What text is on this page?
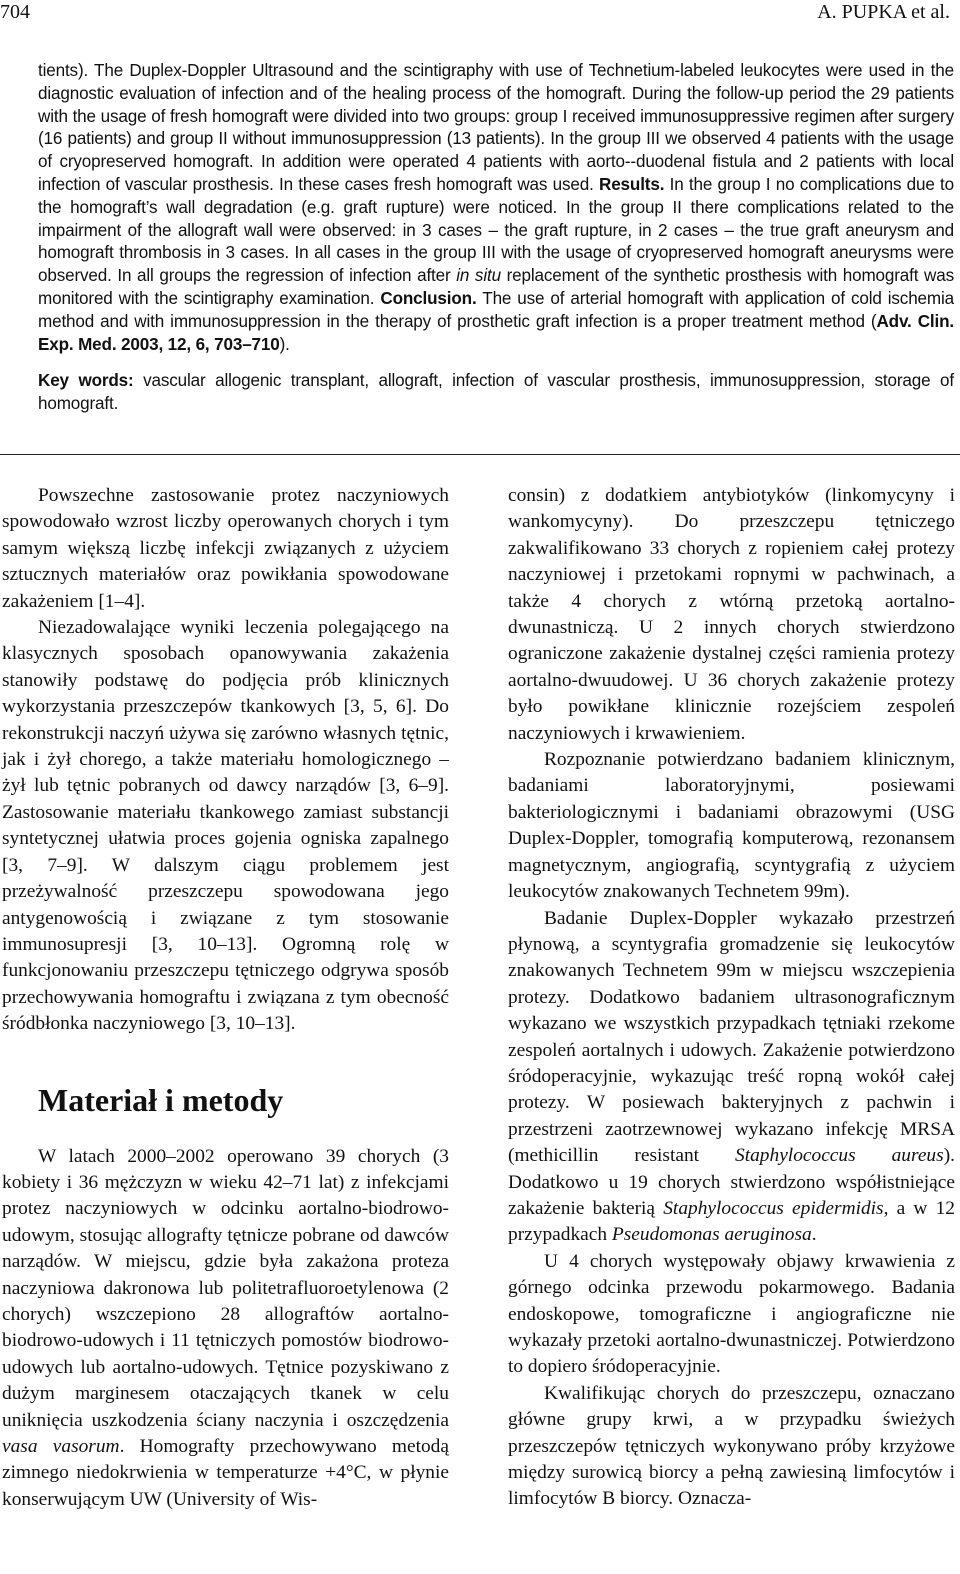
704	A. PUPKA et al.

tients). The Duplex-Doppler Ultrasound and the scintigraphy with use of Technetium-labeled leukocytes were used in the diagnostic evaluation of infection and of the healing process of the homograft. During the follow-up period the 29 patients with the usage of fresh homograft were divided into two groups: group I received immunosuppressive regimen after surgery (16 patients) and group II without immunosuppression (13 patients). In the group III we observed 4 patients with the usage of cryopreserved homograft. In addition were operated 4 patients with aorto--duodenal fistula and 2 patients with local infection of vascular prosthesis. In these cases fresh homograft was used. Results. In the group I no complications due to the homograft’s wall degradation (e.g. graft rupture) were noticed. In the group II there complications related to the impairment of the allograft wall were observed: in 3 cases – the graft rupture, in 2 cases – the true graft aneurysm and homograft thrombosis in 3 cases. In all cases in the group III with the usage of cryopreserved homograft aneurysms were observed. In all groups the regression of infection after in situ replacement of the synthetic prosthesis with homograft was monitored with the scintigraphy examination. Conclusion. The use of arterial homograft with application of cold ischemia method and with immunosuppression in the therapy of prosthetic graft infection is a proper treatment method (Adv. Clin. Exp. Med. 2003, 12, 6, 703–710).

Key words: vascular allogenic transplant, allograft, infection of vascular prosthesis, immunosuppression, storage of homograft.

Powszechne zastosowanie protez naczyniowych spowodowało wzrost liczby operowanych chorych i tym samym większą liczbę infekcji związanych z użyciem sztucznych materiałów oraz powikłania spowodowane zakażeniem [1–4].

Niezadowalające wyniki leczenia polegającego na klasycznych sposobach opanowywania zakażenia stanowiły podstawę do podjęcia prób klinicznych wykorzystania przeszczepów tkankowych [3, 5, 6]. Do rekonstrukcji naczyń używa się zarówno własnych tętnic, jak i żył chorego, a także materiału homologicznego – żył lub tętnic pobranych od dawcy narządów [3, 6–9]. Zastosowanie materiału tkankowego zamiast substancji syntetycznej ułatwia proces gojenia ogniska zapalnego [3, 7–9]. W dalszym ciągu problemem jest przeżywalność przeszczepu spowodowana jego antygenowością i związane z tym stosowanie immunosupresji [3, 10–13]. Ogromną rolę w funkcjonowaniu przeszczepu tętniczego odgrywa sposób przechowywania homograftu i związana z tym obecność śródbłonka naczyniowego [3, 10–13].

Materiał i metody

W latach 2000–2002 operowano 39 chorych (3 kobiety i 36 mężczyzn w wieku 42–71 lat) z infekcjami protez naczyniowych w odcinku aortalno-biodrowo-udowym, stosując allografty tętnicze pobrane od dawców narządów. W miejscu, gdzie była zakażona proteza naczyniowa dakronowa lub politetrafluoroetylenowa (2 chorych) wszczepiono 28 allograftów aortalno-biodrowo-udowych i 11 tętniczych pomostów biodrowo-udowych lub aortalno-udowych. Tętnice pozyskiwano z dużym marginesem otaczających tkanek w celu uniknięcia uszkodzenia ściany naczynia i oszczędzenia vasa vasorum. Homografty przechowywano metodą zimnego niedokrwienia w temperaturze +4°C, w płynie konserwującym UW (University of Wis-

consin) z dodatkiem antybiotyków (linkomycyny i wankomycyny). Do przeszczepu tętniczego zakwalifikowano 33 chorych z ropieniem całej protezy naczyniowej i przetokami ropnymi w pachwinach, a także 4 chorych z wtórną przetoką aortalno-dwunastniczą. U 2 innych chorych stwierdzono ograniczone zakażenie dystalnej części ramienia protezy aortalno-dwuudowej. U 36 chorych zakażenie protezy było powikłane klinicznie rozejściem zespoleń naczyniowych i krwawieniem.

Rozpoznanie potwierdzano badaniem klinicznym, badaniami laboratoryjnymi, posiewami bakteriologicznymi i badaniami obrazowymi (USG Duplex-Doppler, tomografią komputerową, rezonansem magnetycznym, angiografią, scyntygrafią z użyciem leukocytów znakowanych Technetem 99m).

Badanie Duplex-Doppler wykazało przestrzeń płynową, a scyntygrafia gromadzenie się leukocytów znakowanych Technetem 99m w miejscu wszczepienia protezy. Dodatkowo badaniem ultrasonograficznym wykazano we wszystkich przypadkach tętniaki rzekome zespoleń aortalnych i udowych. Zakażenie potwierdzono śródoperacyjnie, wykazując treść ropną wokół całej protezy. W posiewach bakteryjnych z pachwin i przestrzeni zaotrzewnowej wykazano infekcję MRSA (methicillin resistant Staphylococcus aureus). Dodatkowo u 19 chorych stwierdzono współistniejące zakażenie bakterią Staphylococcus epidermidis, a w 12 przypadkach Pseudomonas aeruginosa.

U 4 chorych występowały objawy krwawienia z górnego odcinka przewodu pokarmowego. Badania endoskopowe, tomograficzne i angiograficzne nie wykazały przetoki aortalno-dwunastniczej. Potwierdzono to dopiero śródoperacyjnie.

Kwalifikując chorych do przeszczepu, oznaczano główne grupy krwi, a w przypadku świeżych przeszczepów tętniczych wykonywano próby krzyżowe między surowicą biorcy a pełną zawiesiną limfocytów i limfocytów B biorcy. Oznacza-
